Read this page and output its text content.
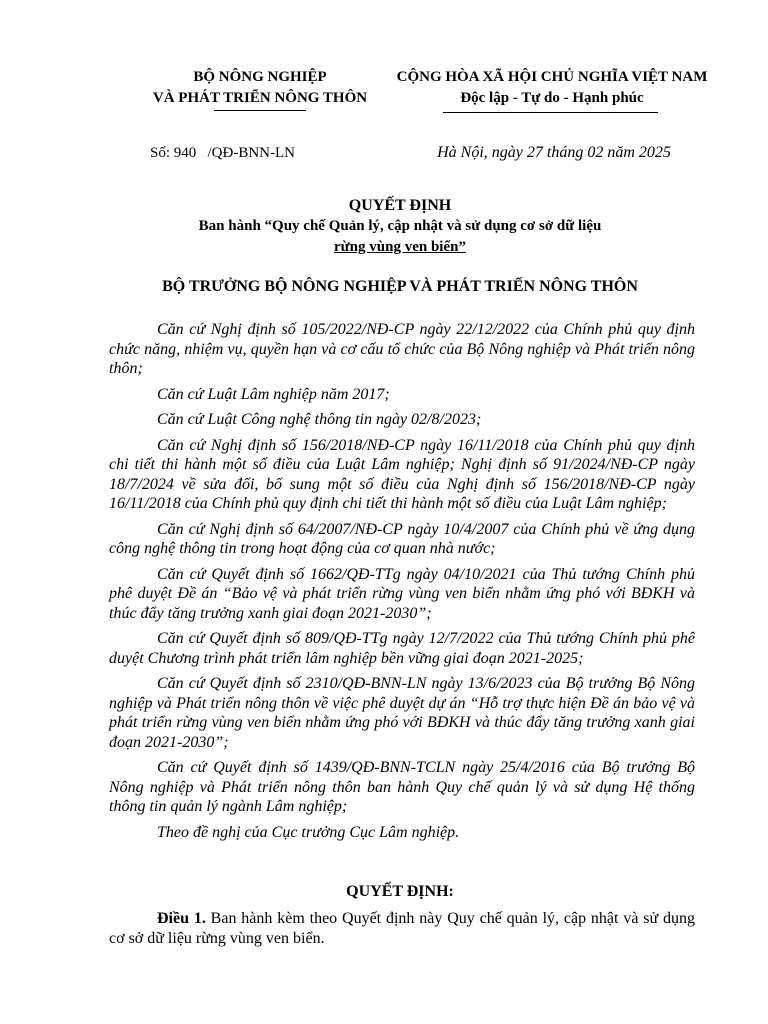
BỘ NÔNG NGHIỆP
VÀ PHÁT TRIỂN NÔNG THÔN
CỘNG HÒA XÃ HỘI CHỦ NGHĨA VIỆT NAM
Độc lập - Tự do - Hạnh phúc
Số: 940   /QĐ-BNN-LN	Hà Nội, ngày 27 tháng 02 năm 2025
QUYẾT ĐỊNH
Ban hành “Quy chế Quản lý, cập nhật và sử dụng cơ sở dữ liệu
rừng vùng ven biển”
BỘ TRƯỞNG BỘ NÔNG NGHIỆP VÀ PHÁT TRIỂN NÔNG THÔN

Căn cứ Nghị định số 105/2022/NĐ-CP ngày 22/12/2022 của Chính phủ quy định chức năng, nhiệm vụ, quyền hạn và cơ cấu tổ chức của Bộ Nông nghiệp và Phát triển nông thôn;

Căn cứ Luật Lâm nghiệp năm 2017;

Căn cứ Luật Công nghệ thông tin ngày 02/8/2023;

Căn cứ Nghị định số 156/2018/NĐ-CP ngày 16/11/2018 của Chính phủ quy định chi tiết thi hành một số điều của Luật Lâm nghiệp; Nghị định số 91/2024/NĐ-CP ngày 18/7/2024 về sửa đổi, bổ sung một số điều của Nghị định số 156/2018/NĐ-CP ngày 16/11/2018 của Chính phủ quy định chi tiết thi hành một số điều của Luật Lâm nghiệp;

Căn cứ Nghị định số 64/2007/NĐ-CP ngày 10/4/2007 của Chính phủ về ứng dụng công nghệ thông tin trong hoạt động của cơ quan nhà nước;

Căn cứ Quyết định số 1662/QĐ-TTg ngày 04/10/2021 của Thủ tướng Chính phủ phê duyệt Đề án “Bảo vệ và phát triển rừng vùng ven biển nhằm ứng phó với BĐKH và thúc đẩy tăng trưởng xanh giai đoạn 2021-2030”;

Căn cứ Quyết định số 809/QĐ-TTg ngày 12/7/2022 của Thủ tướng Chính phủ phê duyệt Chương trình phát triển lâm nghiệp bền vững giai đoạn 2021-2025;

Căn cứ Quyết định số 2310/QĐ-BNN-LN ngày 13/6/2023 của Bộ trưởng Bộ Nông nghiệp và Phát triển nông thôn về việc phê duyệt dự án “Hỗ trợ thực hiện Đề án bảo vệ và phát triển rừng vùng ven biển nhằm ứng phó với BĐKH và thúc đẩy tăng trưởng xanh giai đoạn 2021-2030”;

Căn cứ Quyết định số 1439/QĐ-BNN-TCLN ngày 25/4/2016 của Bộ trưởng Bộ Nông nghiệp và Phát triển nông thôn ban hành Quy chế quản lý và sử dụng Hệ thống thông tin quản lý ngành Lâm nghiệp;

Theo đề nghị của Cục trưởng Cục Lâm nghiệp.

QUYẾT ĐỊNH:
Điều 1. Ban hành kèm theo Quyết định này Quy chế quản lý, cập nhật và sử dụng cơ sở dữ liệu rừng vùng ven biển.
